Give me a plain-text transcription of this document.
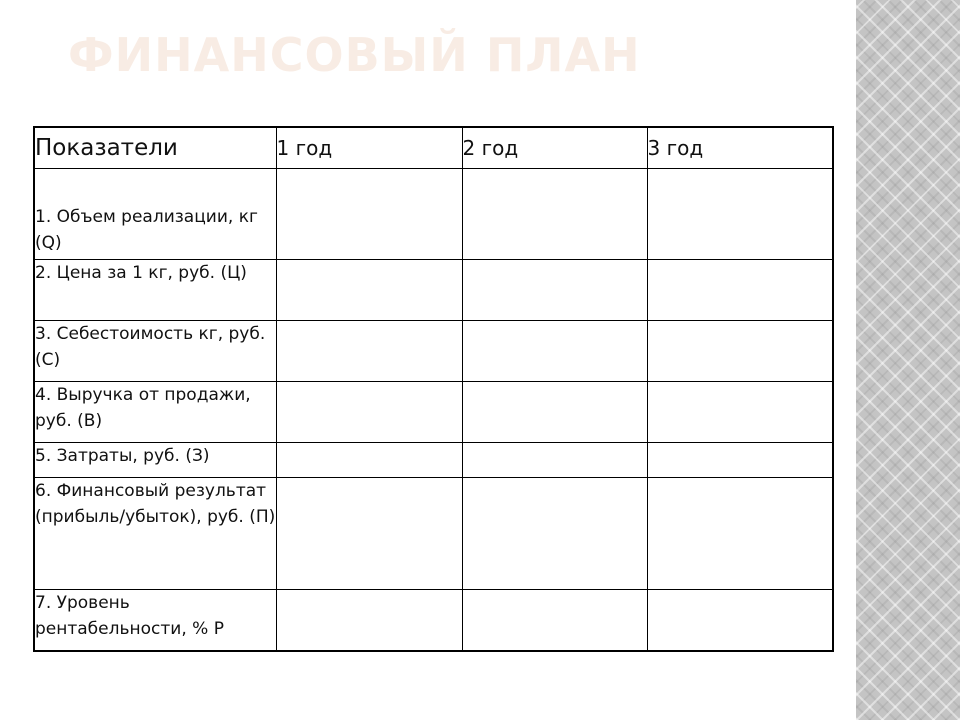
ФИНАНСОВЫЙ ПЛАН
Показатели	1 год	2 год	3 год
1. Объем реализации, кг (Q)			
2. Цена за 1 кг, руб. (Ц)			
3. Себестоимость кг, руб. (С)			
4. Выручка от продажи, руб. (В)			
5. Затраты, руб. (З)			
6. Финансовый результат (прибыль/убыток), руб. (П)			
7. Уровень рентабельности, % Р			
